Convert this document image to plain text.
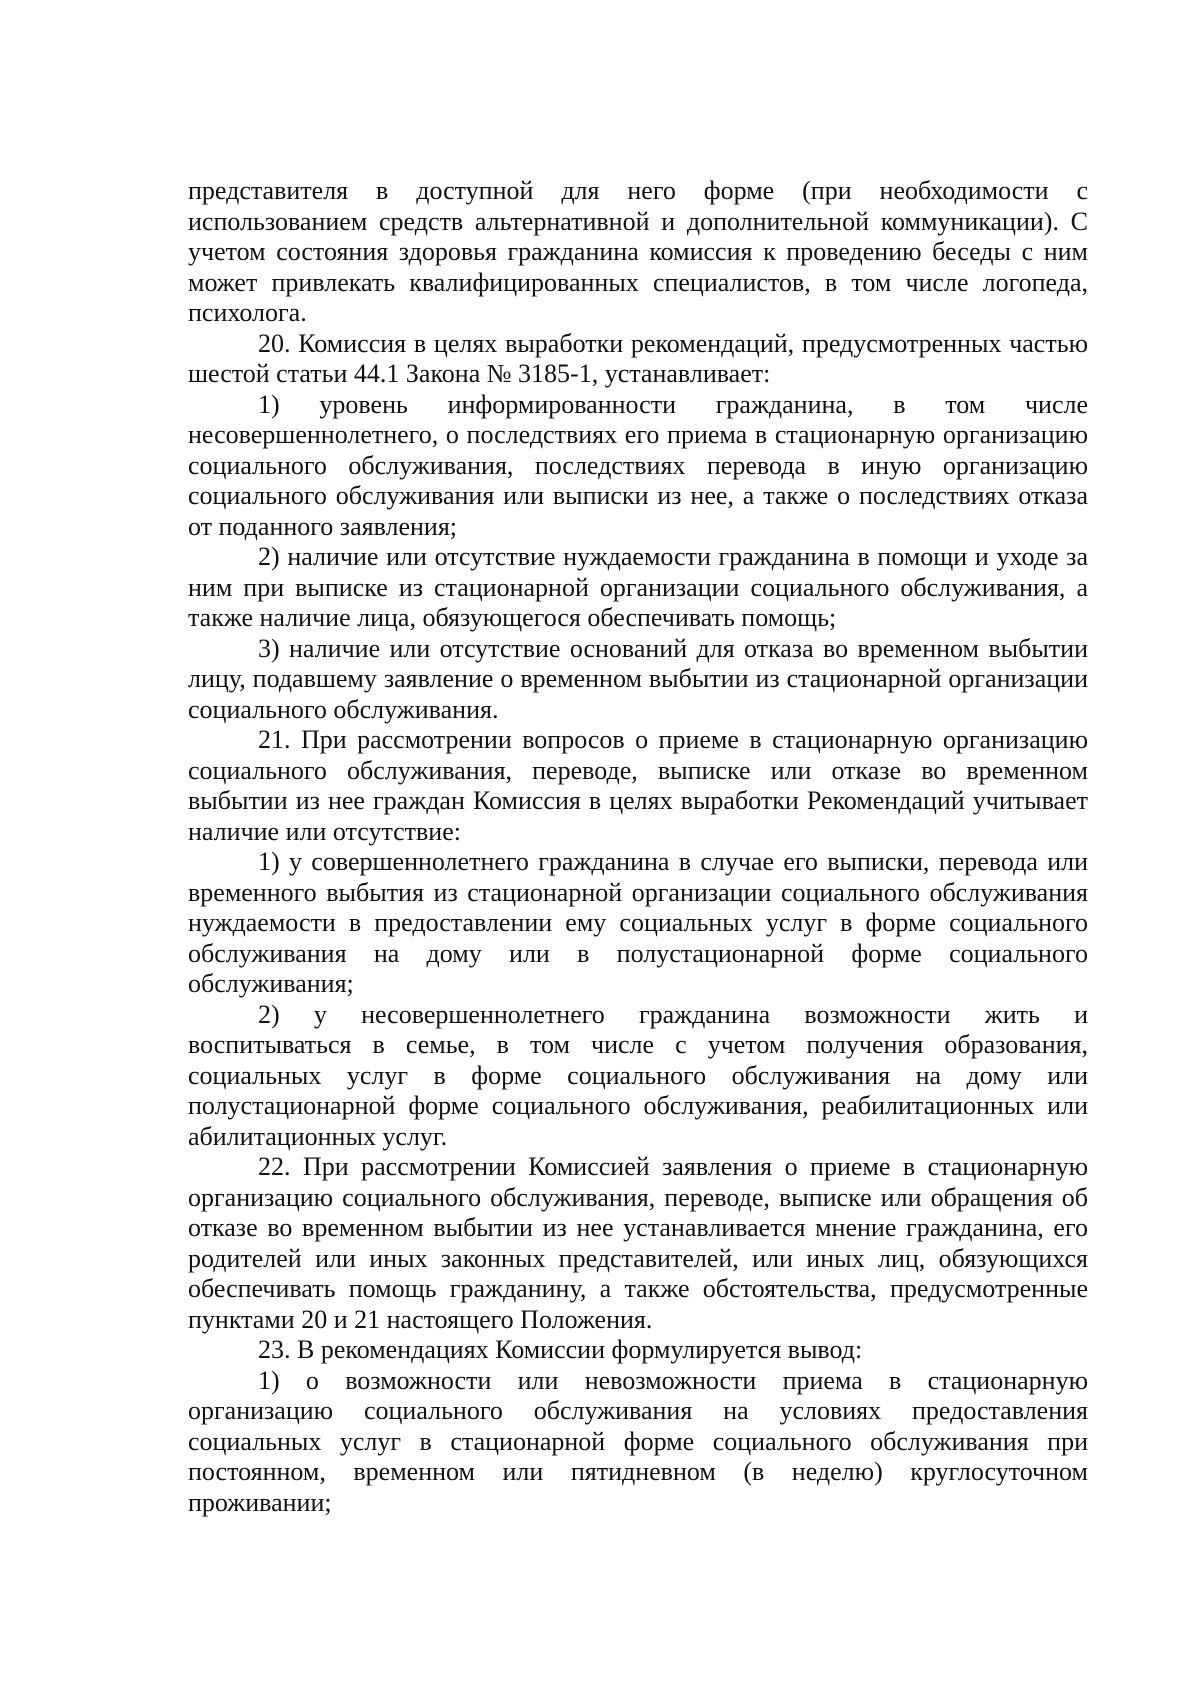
представителя в доступной для него форме (при необходимости с использованием средств альтернативной и дополнительной коммуникации). С учетом состояния здоровья гражданина комиссия к проведению беседы с ним может привлекать квалифицированных специалистов, в том числе логопеда, психолога.

20. Комиссия в целях выработки рекомендаций, предусмотренных частью шестой статьи 44.1 Закона № 3185-1, устанавливает:

1) уровень информированности гражданина, в том числе несовершеннолетнего, о последствиях его приема в стационарную организацию социального обслуживания, последствиях перевода в иную организацию социального обслуживания или выписки из нее, а также о последствиях отказа от поданного заявления;

2) наличие или отсутствие нуждаемости гражданина в помощи и уходе за ним при выписке из стационарной организации социального обслуживания, а также наличие лица, обязующегося обеспечивать помощь;

3) наличие или отсутствие оснований для отказа во временном выбытии лицу, подавшему заявление о временном выбытии из стационарной организации социального обслуживания.

21. При рассмотрении вопросов о приеме в стационарную организацию социального обслуживания, переводе, выписке или отказе во временном выбытии из нее граждан Комиссия в целях выработки Рекомендаций учитывает наличие или отсутствие:

1) у совершеннолетнего гражданина в случае его выписки, перевода или временного выбытия из стационарной организации социального обслуживания нуждаемости в предоставлении ему социальных услуг в форме социального обслуживания на дому или в полустационарной форме социального обслуживания;

2) у несовершеннолетнего гражданина возможности жить и воспитываться в семье, в том числе с учетом получения образования, социальных услуг в форме социального обслуживания на дому или полустационарной форме социального обслуживания, реабилитационных или абилитационных услуг.

22. При рассмотрении Комиссией заявления о приеме в стационарную организацию социального обслуживания, переводе, выписке или обращения об отказе во временном выбытии из нее устанавливается мнение гражданина, его родителей или иных законных представителей, или иных лиц, обязующихся обеспечивать помощь гражданину, а также обстоятельства, предусмотренные пунктами 20 и 21 настоящего Положения.

23. В рекомендациях Комиссии формулируется вывод:

1) о возможности или невозможности приема в стационарную организацию социального обслуживания на условиях предоставления социальных услуг в стационарной форме социального обслуживания при постоянном, временном или пятидневном (в неделю) круглосуточном проживании;
